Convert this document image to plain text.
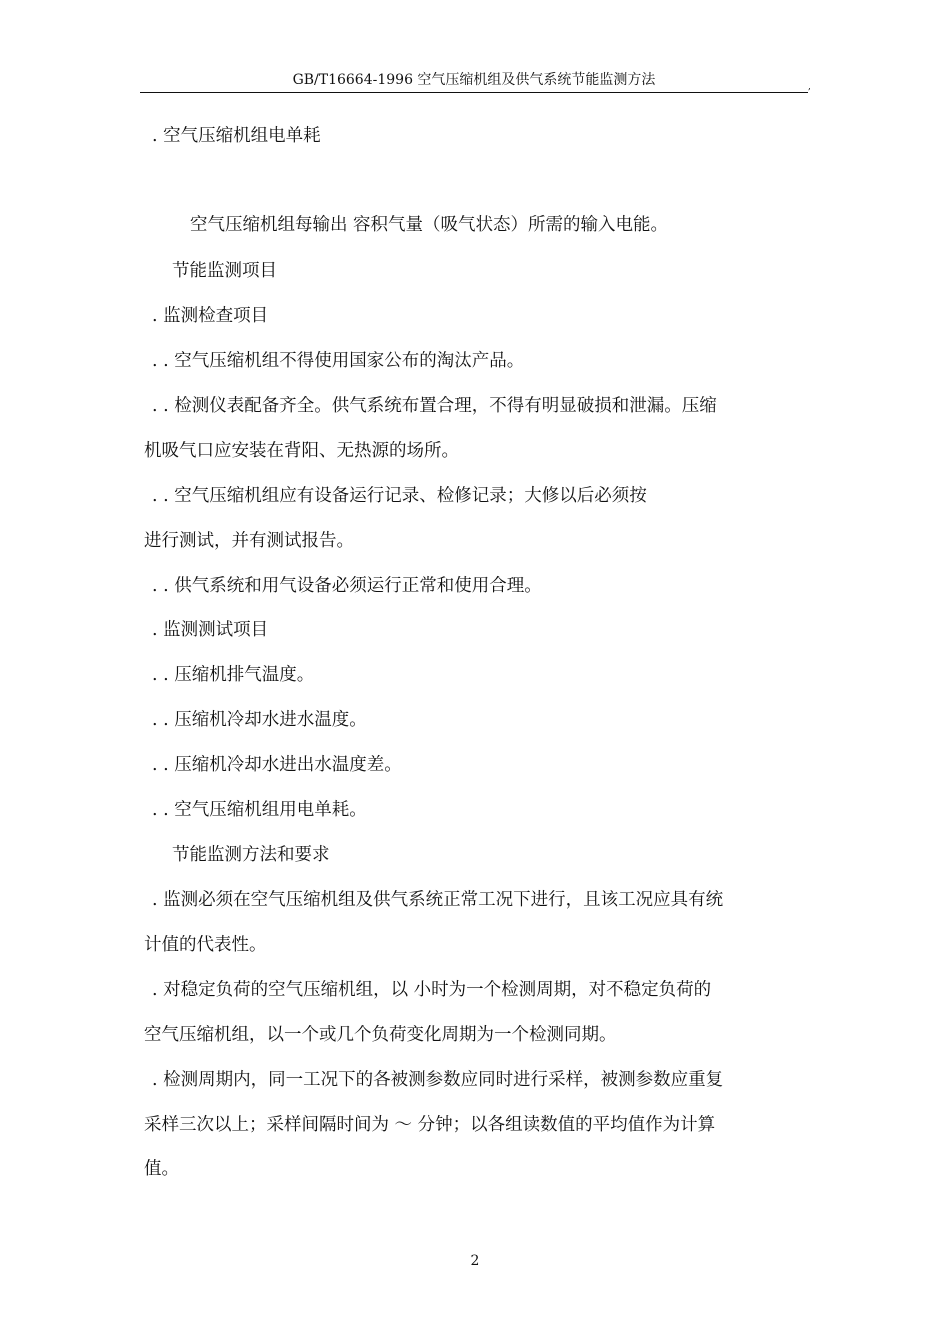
GB/T16664-1996 空气压缩机组及供气系统节能监测方法	,
. 空气压缩机组电单耗
空气压缩机组每输出 容积气量（吸气状态）所需的输入电能。
节能监测项目
. 监测检查项目
. . 空气压缩机组不得使用国家公布的淘汰产品。
. . 检测仪表配备齐全。供气系统布置合理，不得有明显破损和泄漏。压缩
机吸气口应安装在背阳、无热源的场所。
. . 空气压缩机组应有设备运行记录、检修记录；大修以后必须按
进行测试，并有测试报告。
. . 供气系统和用气设备必须运行正常和使用合理。
. 监测测试项目
. . 压缩机排气温度。
. . 压缩机冷却水进水温度。
. . 压缩机冷却水进出水温度差。
. . 空气压缩机组用电单耗。
节能监测方法和要求
. 监测必须在空气压缩机组及供气系统正常工况下进行，且该工况应具有统
计值的代表性。
. 对稳定负荷的空气压缩机组，以 小时为一个检测周期，对不稳定负荷的
空气压缩机组，以一个或几个负荷变化周期为一个检测同期。
. 检测周期内，同一工况下的各被测参数应同时进行采样，被测参数应重复
采样三次以上；采样间隔时间为 ～ 分钟；以各组读数值的平均值作为计算
值。
2
